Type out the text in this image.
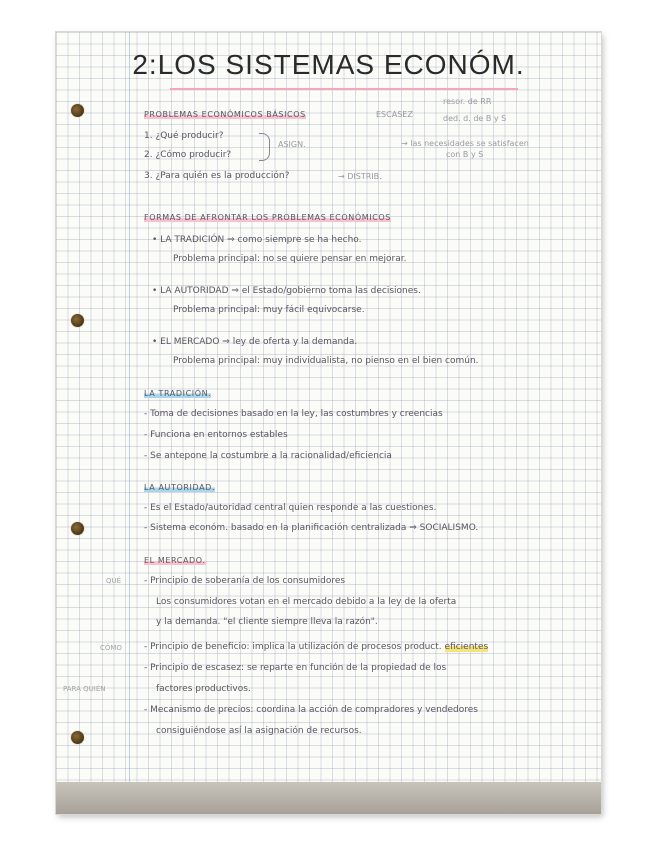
2:LOS SISTEMAS ECONÓM.
PROBLEMAS ECONÓMICOS BÁSICOS
1. ¿Qué producir?
2. ¿Cómo producir?
ASIGN.
3. ¿Para quién es la producción?	→ DISTRIB.
ESCASEZ
resor. de RR
ded. d. de B y S
→ las necesidades se satisfacen
con B y S
FORMAS DE AFRONTAR LOS PROBLEMAS ECONÓMICOS
• LA TRADICIÓN ⇒ como siempre se ha hecho.
Problema principal: no se quiere pensar en mejorar.
• LA AUTORIDAD ⇒ el Estado/gobierno toma las decisiones.
Problema principal: muy fácil equivocarse.
• EL MERCADO ⇒ ley de oferta y la demanda.
Problema principal: muy individualista, no pienso en el bien común.
LA TRADICIÓN.
- Toma de decisiones basado en la ley, las costumbres y creencias
- Funciona en entornos estables
- Se antepone la costumbre a la racionalidad/eficiencia
LA AUTORIDAD.
- Es el Estado/autoridad central quien responde a las cuestiones.
- Sistema económ. basado en la planificación centralizada ⇒ SOCIALISMO.
EL MERCADO.
QUÉ	- Principio de soberanía de los consumidores
Los consumidores votan en el mercado debido a la ley de la oferta
y la demanda. "el cliente siempre lleva la razón".
CÓMO - Principio de beneficio: implica la utilización de procesos product. eficientes
- Principio de escasez: se reparte en función de la propiedad de los
PARA QUIÉN	factores productivos.
- Mecanismo de precios: coordina la acción de compradores y vendedores
consiguiéndose así la asignación de recursos.
